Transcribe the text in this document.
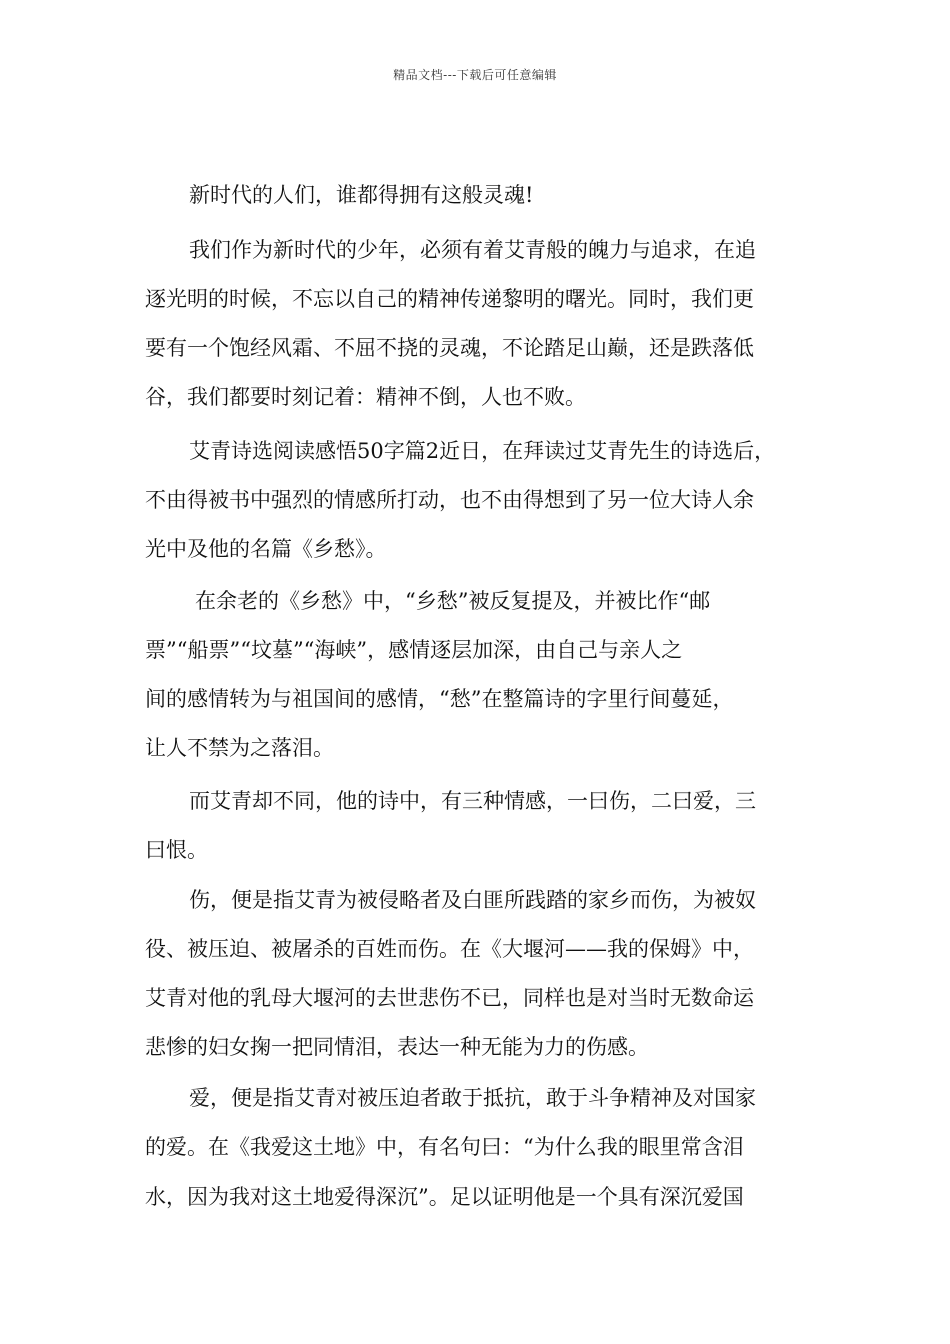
精品文档---下载后可任意编辑
新时代的人们，谁都得拥有这般灵魂!
我们作为新时代的少年，必须有着艾青般的魄力与追求，在追
逐光明的时候，不忘以自己的精神传递黎明的曙光。同时，我们更
要有一个饱经风霜、不屈不挠的灵魂，不论踏足山巅，还是跌落低
谷，我们都要时刻记着：精神不倒，人也不败。
艾青诗选阅读感悟50字篇2近日，在拜读过艾青先生的诗选后，
不由得被书中强烈的情感所打动，也不由得想到了另一位大诗人余
光中及他的名篇《乡愁》。
在余老的《乡愁》中，“乡愁”被反复提及，并被比作“邮
票”“船票”“坟墓”“海峡”，感情逐层加深，由自己与亲人之
间的感情转为与祖国间的感情，“愁”在整篇诗的字里行间蔓延，
让人不禁为之落泪。
而艾青却不同，他的诗中，有三种情感，一曰伤，二曰爱，三
曰恨。
伤，便是指艾青为被侵略者及白匪所践踏的家乡而伤，为被奴
役、被压迫、被屠杀的百姓而伤。在《大堰河——我的保姆》中，
艾青对他的乳母大堰河的去世悲伤不已，同样也是对当时无数命运
悲惨的妇女掬一把同情泪，表达一种无能为力的伤感。
爱，便是指艾青对被压迫者敢于抵抗，敢于斗争精神及对国家
的爱。在《我爱这土地》中，有名句曰：“为什么我的眼里常含泪
水，因为我对这土地爱得深沉”。足以证明他是一个具有深沉爱国
